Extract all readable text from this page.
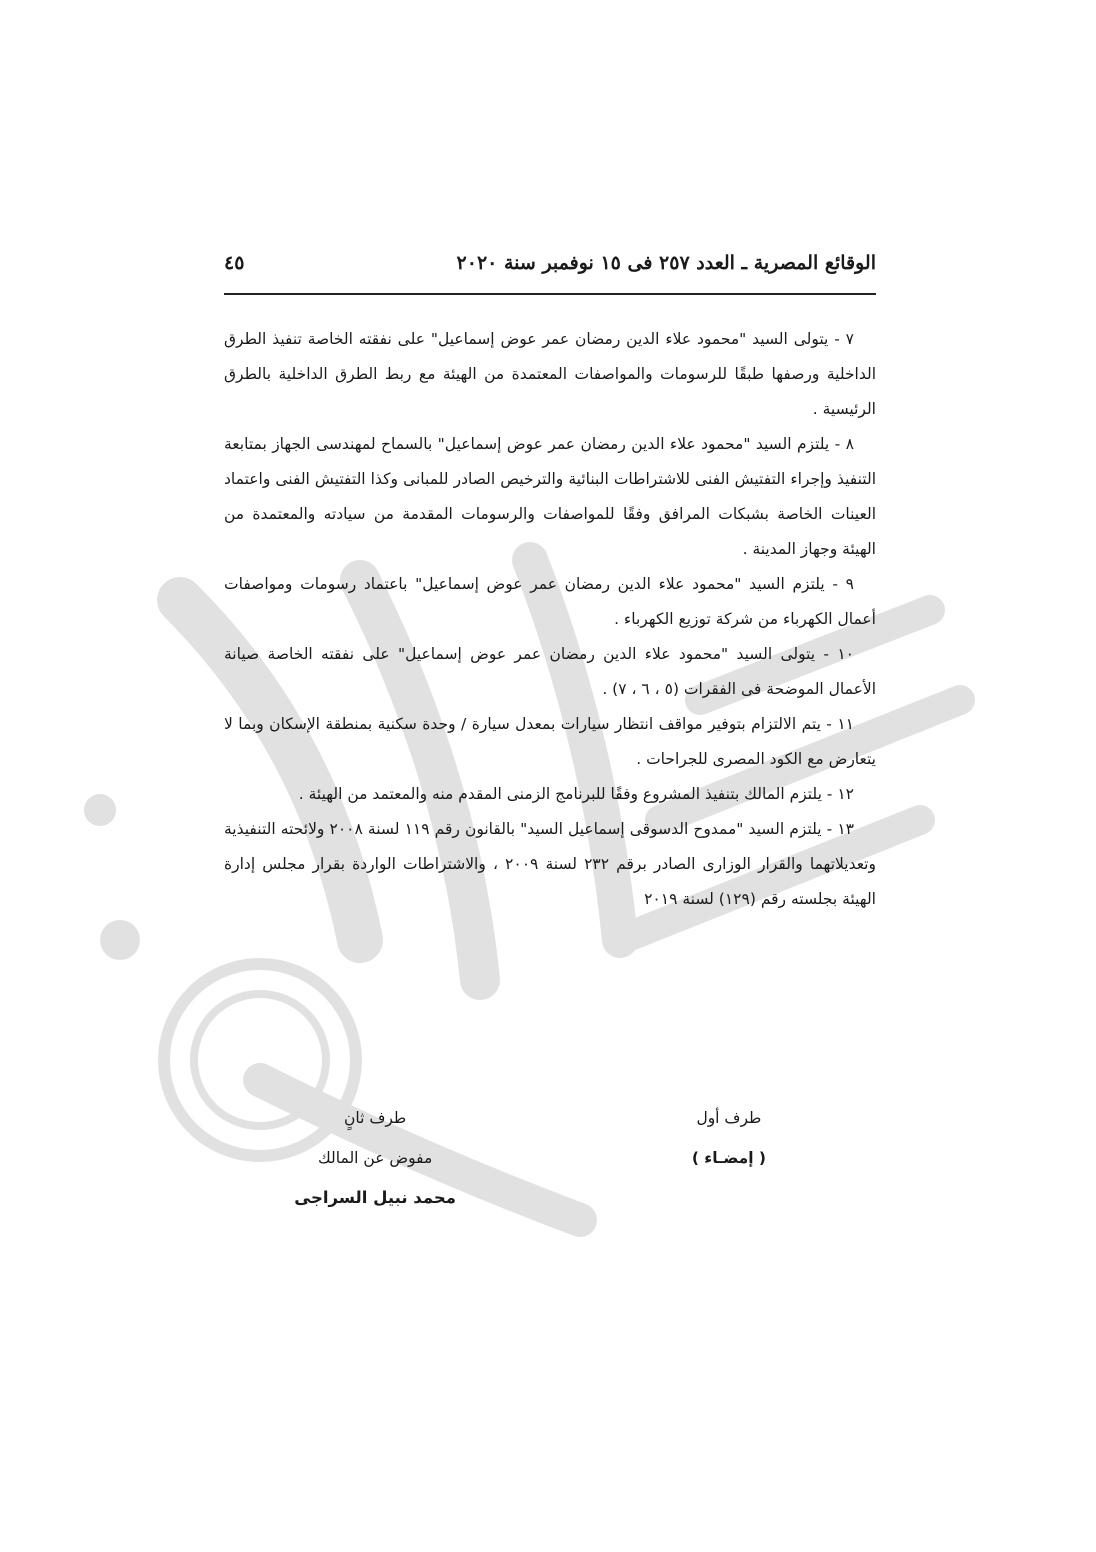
الوقائع المصرية ـ العدد ٢٥٧ فى ١٥ نوفمبر سنة ٢٠٢٠
٤٥

٧ - يتولى السيد "محمود علاء الدين رمضان عمر عوض إسماعيل" على نفقته الخاصة تنفيذ الطرق الداخلية ورصفها طبقًا للرسومات والمواصفات المعتمدة من الهيئة مع ربط الطرق الداخلية بالطرق الرئيسية .

٨ - يلتزم السيد "محمود علاء الدين رمضان عمر عوض إسماعيل" بالسماح لمهندسى الجهاز بمتابعة التنفيذ وإجراء التفتيش الفنى للاشتراطات البنائية والترخيص الصادر للمبانى وكذا التفتيش الفنى واعتماد العينات الخاصة بشبكات المرافق وفقًا للمواصفات والرسومات المقدمة من سيادته والمعتمدة من الهيئة وجهاز المدينة .

٩ - يلتزم السيد "محمود علاء الدين رمضان عمر عوض إسماعيل" باعتماد رسومات ومواصفات أعمال الكهرباء من شركة توزيع الكهرباء .

١٠ - يتولى السيد "محمود علاء الدين رمضان عمر عوض إسماعيل" على نفقته الخاصة صيانة الأعمال الموضحة فى الفقرات (٥ ، ٦ ، ٧) .

١١ - يتم الالتزام بتوفير مواقف انتظار سيارات بمعدل سيارة / وحدة سكنية بمنطقة الإسكان وبما لا يتعارض مع الكود المصرى للجراحات .

١٢ - يلتزم المالك بتنفيذ المشروع وفقًا للبرنامج الزمنى المقدم منه والمعتمد من الهيئة .

١٣ - يلتزم السيد "ممدوح الدسوقى إسماعيل السيد" بالقانون رقم ١١٩ لسنة ٢٠٠٨ ولائحته التنفيذية وتعديلاتهما والقرار الوزارى الصادر برقم ٢٣٢ لسنة ٢٠٠٩ ، والاشتراطات الواردة بقرار مجلس إدارة الهيئة بجلسته رقم (١٢٩) لسنة ٢٠١٩

طرف أول
( إمضـاء )
طرف ثانٍ
مفوض عن المالك
محمد نبيل السراجى
